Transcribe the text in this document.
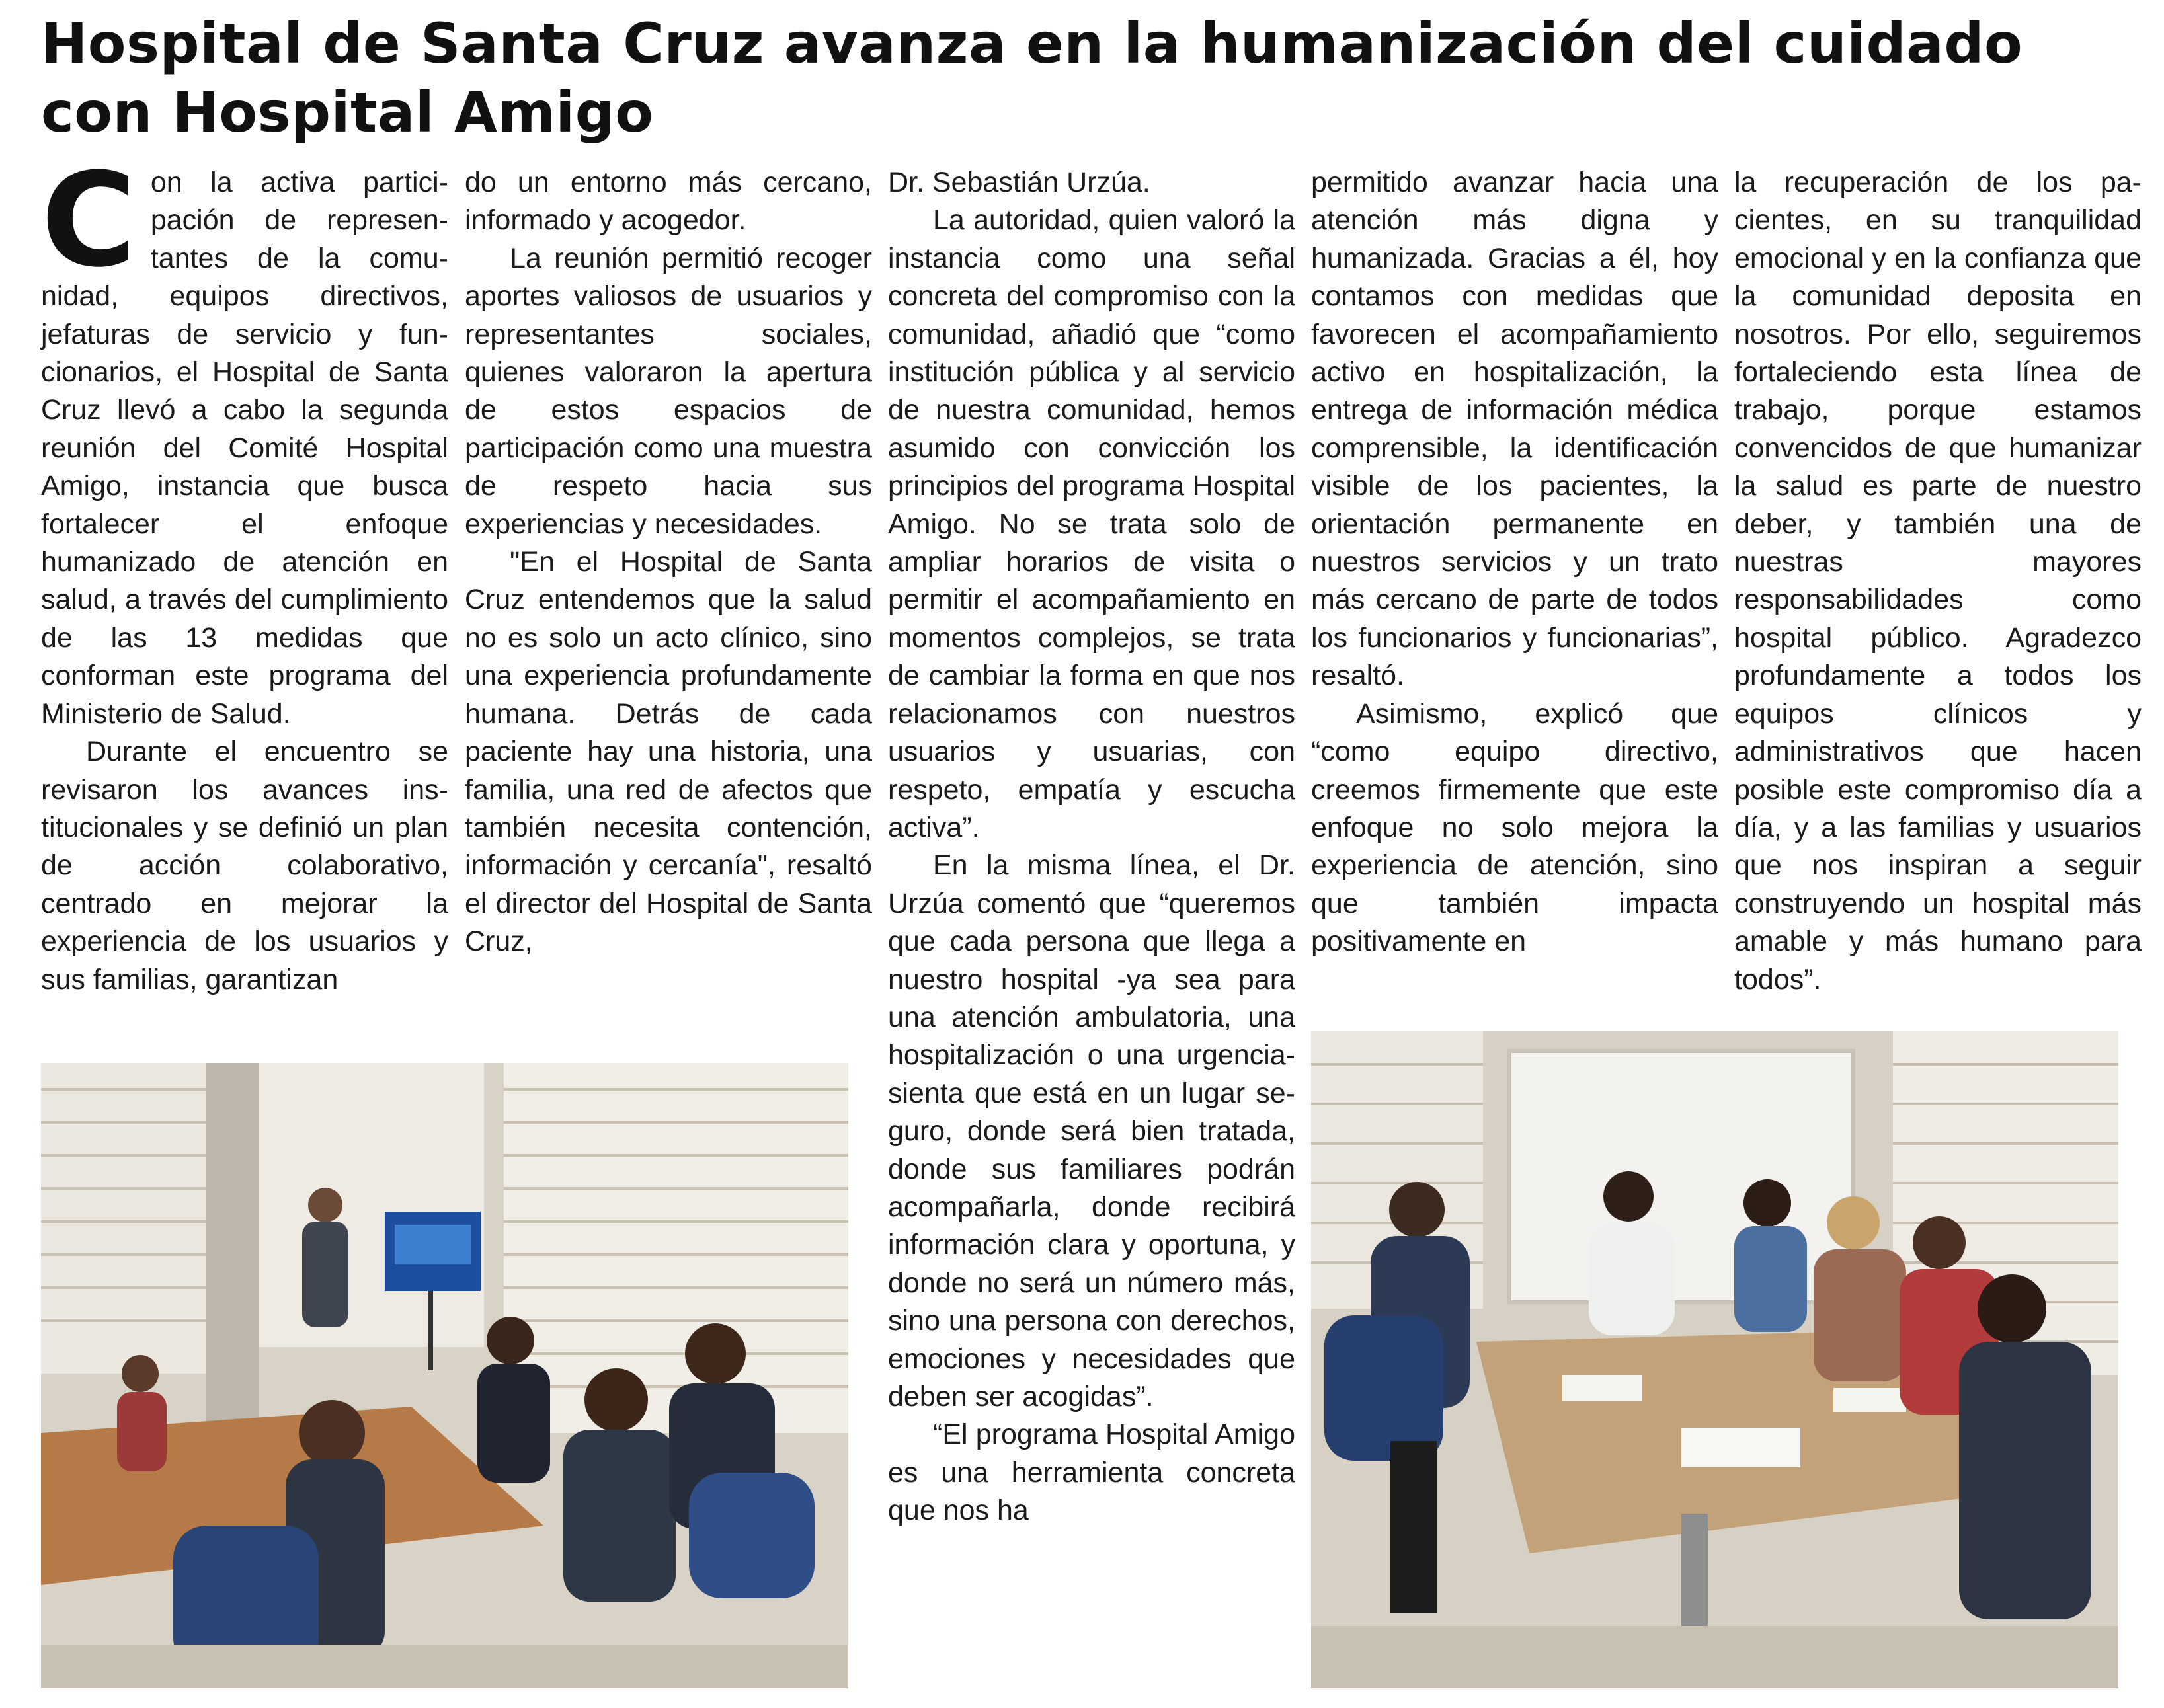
Hospital de Santa Cruz avanza en la humanización del cuidado con Hospital Amigo
C on la activa participación de representantes de la comunidad, equipos directivos, jefaturas de servicio y funcionarios, el Hospital de Santa Cruz llevó a cabo la segunda reunión del Comité Hospital Amigo, instancia que busca fortalecer el enfoque humanizado de atención en salud, a través del cumplimiento de las 13 medidas que conforman este programa del Ministerio de Salud.

Durante el encuentro se revisaron los avances institucionales y se definió un plan de acción colaborativo, centrado en mejorar la experiencia de los usuarios y sus familias, garantizan

do un entorno más cercano, informado y acogedor.

La reunión permitió recoger aportes valiosos de usuarios y representantes sociales, quienes valoraron la apertura de estos espacios de participación como una muestra de respeto hacia sus experiencias y necesidades.

"En el Hospital de Santa Cruz entendemos que la salud no es solo un acto clínico, sino una experiencia profundamente humana. Detrás de cada paciente hay una historia, una familia, una red de afectos que también necesita contención, información y cercanía", resaltó el director del Hospital de Santa Cruz,

Dr. Sebastián Urzúa.

La autoridad, quien valoró la instancia como una señal concreta del compromiso con la comunidad, añadió que “como institución pública y al servicio de nuestra comunidad, hemos asumido con convicción los principios del programa Hospital Amigo. No se trata solo de ampliar horarios de visita o permitir el acompañamiento en momentos complejos, se trata de cambiar la forma en que nos relacionamos con nuestros usuarios y usuarias, con respeto, empatía y escucha activa”.

En la misma línea, el Dr. Urzúa comentó que “queremos que cada persona que llega a nuestro hospital -ya sea para una atención ambulatoria, una hospitalización o una urgencia- sienta que está en un lugar seguro, donde será bien tratada, donde sus familiares podrán acompañarla, donde recibirá información clara y oportuna, y donde no será un número más, sino una persona con derechos, emociones y necesidades que deben ser acogidas”.

“El programa Hospital Amigo es una herramienta concreta que nos ha

permitido avanzar hacia una atención más digna y humanizada. Gracias a él, hoy contamos con medidas que favorecen el acompañamiento activo en hospitalización, la entrega de información médica comprensible, la identificación visible de los pacientes, la orientación permanente en nuestros servicios y un trato más cercano de parte de todos los funcionarios y funcionarias”, resaltó.

Asimismo, explicó que “como equipo directivo, creemos firmemente que este enfoque no solo mejora la experiencia de atención, sino que también impacta positivamente en

la recuperación de los pacientes, en su tranquilidad emocional y en la confianza que la comunidad deposita en nosotros. Por ello, seguiremos fortaleciendo esta línea de trabajo, porque estamos convencidos de que humanizar la salud es parte de nuestro deber, y también una de nuestras mayores responsabilidades como hospital público. Agradezco profundamente a todos los equipos clínicos y administrativos que hacen posible este compromiso día a día, y a las familias y usuarios que nos inspiran a seguir construyendo un hospital más amable y más humano para todos”.
